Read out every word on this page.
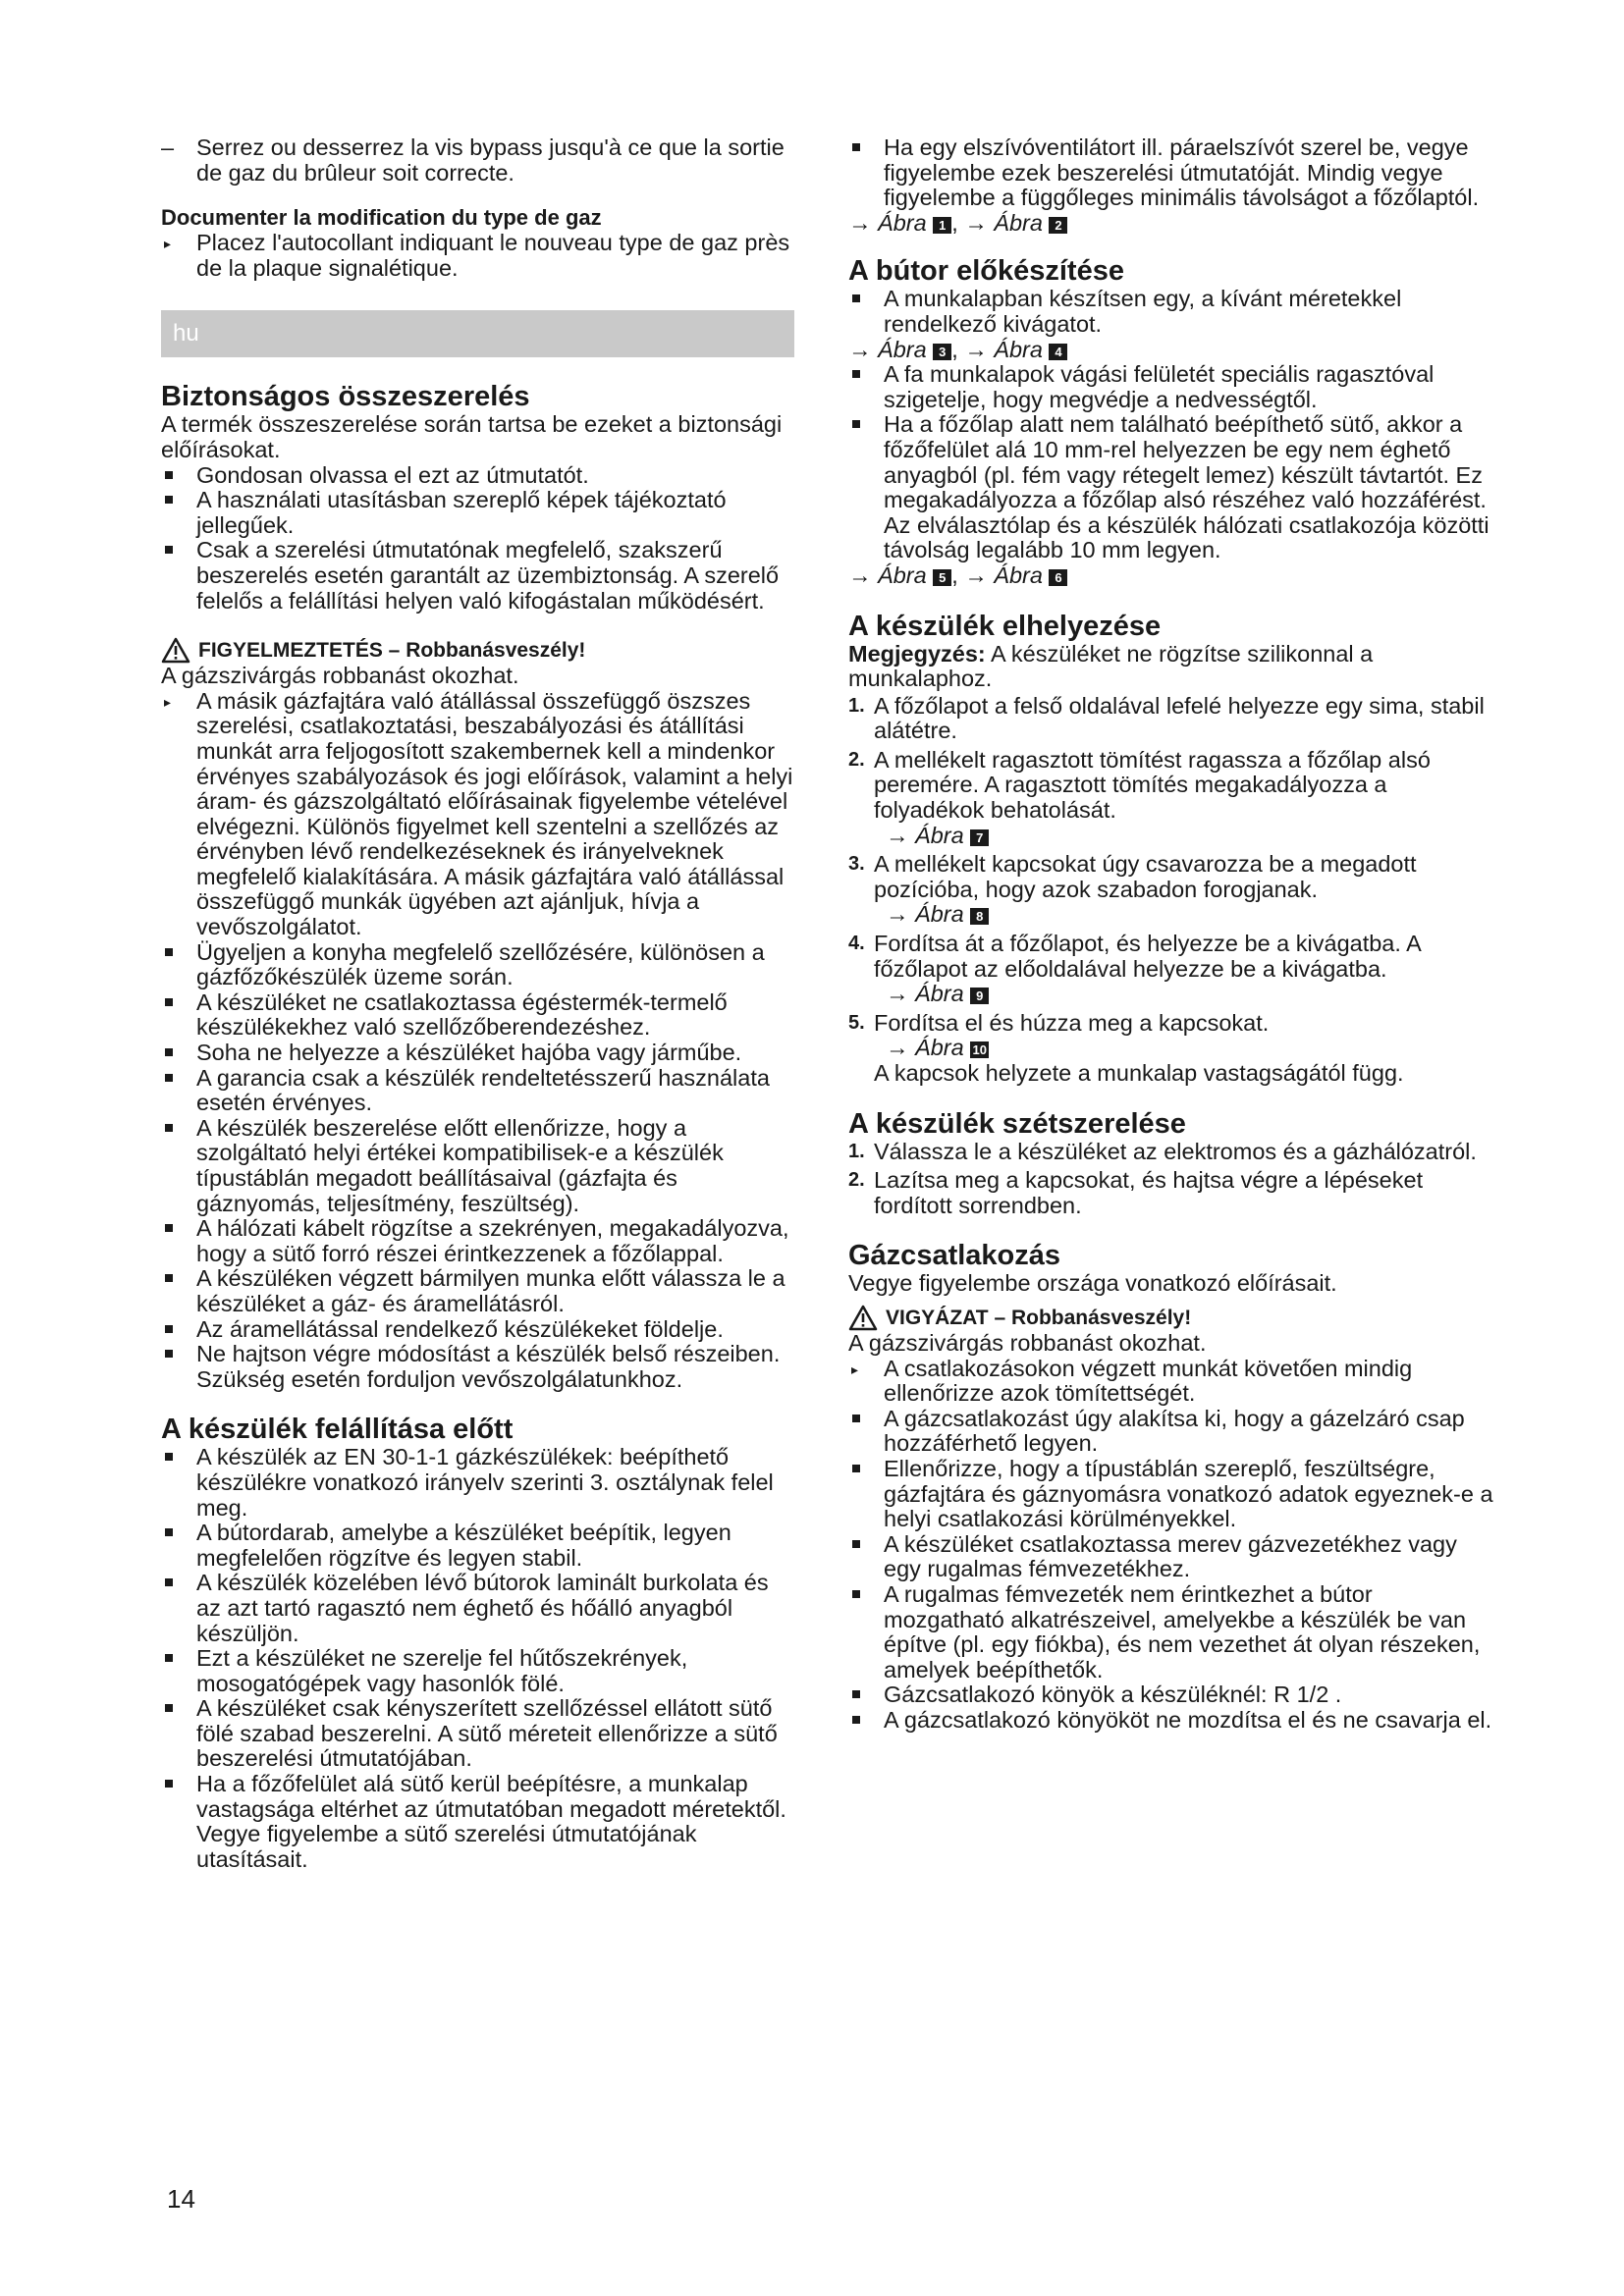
– Serrez ou desserrez la vis bypass jusqu'à ce que la sortie de gaz du brûleur soit correcte.

Documenter la modification du type de gaz

▸	Placez l'autocollant indiquant le nouveau type de gaz près de la plaque signalétique.

hu

Biztonságos összeszerelés

A termék összeszerelése során tartsa be ezeket a biztonsági előírásokat.

Gondosan olvassa el ezt az útmutatót.

A használati utasításban szereplő képek tájékoztató jellegűek.

Csak a szerelési útmutatónak megfelelő, szakszerű beszerelés esetén garantált az üzembiztonság. A szerelő felelős a felállítási helyen való kifogástalan működésért.

FIGYELMEZTETÉS – Robbanásveszély!

A gázszivárgás robbanást okozhat.

▸	A másik gázfajtára való átállással összefüggő öszszes szerelési, csatlakoztatási, beszabályozási és átállítási munkát arra feljogosított szakembernek kell a mindenkor érvényes szabályozások és jogi előírások, valamint a helyi áram- és gázszolgáltató előírásainak figyelembe vételével elvégezni. Különös figyelmet kell szentelni a szellőzés az érvényben lévő rendelkezéseknek és irányelveknek megfelelő kialakítására. A másik gázfajtára való átállással összefüggő munkák ügyében azt ajánljuk, hívja a vevőszolgálatot.

Ügyeljen a konyha megfelelő szellőzésére, különösen a gázfőzőkészülék üzeme során.

A készüléket ne csatlakoztassa égéstermék-termelő készülékekhez való szellőzőberendezéshez.

Soha ne helyezze a készüléket hajóba vagy járműbe.

A garancia csak a készülék rendeltetésszerű használata esetén érvényes.

A készülék beszerelése előtt ellenőrizze, hogy a szolgáltató helyi értékei kompatibilisek-e a készülék típustáblán megadott beállításaival (gázfajta és gáznyomás, teljesítmény, feszültség).

A hálózati kábelt rögzítse a szekrényen, megakadályozva, hogy a sütő forró részei érintkezzenek a főzőlappal.

A készüléken végzett bármilyen munka előtt válassza le a készüléket a gáz- és áramellátásról.

Az áramellátással rendelkező készülékeket földelje.

Ne hajtson végre módosítást a készülék belső részeiben. Szükség esetén forduljon vevőszolgálatunkhoz.

A készülék felállítása előtt

A készülék az EN 30-1-1 gázkészülékek: beépíthető készülékre vonatkozó irányelv szerinti 3. osztálynak felel meg.

A bútordarab, amelybe a készüléket beépítik, legyen megfelelően rögzítve és legyen stabil.

A készülék közelében lévő bútorok laminált burkolata és az azt tartó ragasztó nem éghető és hőálló anyagból készüljön.

Ezt a készüléket ne szerelje fel hűtőszekrények, mosogatógépek vagy hasonlók fölé.

A készüléket csak kényszerített szellőzéssel ellátott sütő fölé szabad beszerelni. A sütő méreteit ellenőrizze a sütő beszerelési útmutatójában.

Ha a főzőfelület alá sütő kerül beépítésre, a munkalap vastagsága eltérhet az útmutatóban megadott méretektől. Vegye figyelembe a sütő szerelési útmutatójának utasításait.

Ha egy elszívóventilátort ill. páraelszívót szerel be, vegye figyelembe ezek beszerelési útmutatóját. Mindig vegye figyelembe a függőleges minimális távolságot a főzőlaptól.

→ Ábra 1 , → Ábra 2

A bútor előkészítése

A munkalapban készítsen egy, a kívánt méretekkel rendelkező kivágatot.

→ Ábra 3 , → Ábra 4

A fa munkalapok vágási felületét speciális ragasztóval szigetelje, hogy megvédje a nedvességtől.

Ha a főzőlap alatt nem található beépíthető sütő, akkor a főzőfelület alá 10 mm-rel helyezzen be egy nem éghető anyagból (pl. fém vagy rétegelt lemez) készült távtartót. Ez megakadályozza a főzőlap alsó részéhez való hozzáférést. Az elválasztólap és a készülék hálózati csatlakozója közötti távolság legalább 10 mm legyen.

→ Ábra 5 , → Ábra 6

A készülék elhelyezése

Megjegyzés: A készüléket ne rögzítse szilikonnal a munkalaphoz.

1. A főzőlapot a felső oldalával lefelé helyezze egy sima, stabil alátétre.

2. A mellékelt ragasztott tömítést ragassza a főzőlap alsó peremére. A ragasztott tömítés megakadályozza a folyadékok behatolását.

→ Ábra 7

3. A mellékelt kapcsokat úgy csavarozza be a megadott pozícióba, hogy azok szabadon forogjanak.

→ Ábra 8

4. Fordítsa át a főzőlapot, és helyezze be a kivágatba. A főzőlapot az előoldalával helyezze be a kivágatba.

→ Ábra 9

5. Fordítsa el és húzza meg a kapcsokat.

→ Ábra 10

A kapcsok helyzete a munkalap vastagságától függ.

A készülék szétszerelése

1. Válassza le a készüléket az elektromos és a gázhálózatról.

2. Lazítsa meg a kapcsokat, és hajtsa végre a lépéseket fordított sorrendben.

Gázcsatlakozás

Vegye figyelembe országa vonatkozó előírásait.

VIGYÁZAT – Robbanásveszély!

A gázszivárgás robbanást okozhat.

▸	A csatlakozásokon végzett munkát követően mindig ellenőrizze azok tömítettségét.

A gázcsatlakozást úgy alakítsa ki, hogy a gázelzáró csap hozzáférhető legyen.

Ellenőrizze, hogy a típustáblán szereplő, feszültségre, gázfajtára és gáznyomásra vonatkozó adatok egyeznek-e a helyi csatlakozási körülményekkel.

A készüléket csatlakoztassa merev gázvezetékhez vagy egy rugalmas fémvezetékhez.

A rugalmas fémvezeték nem érintkezhet a bútor mozgatható alkatrészeivel, amelyekbe a készülék be van építve (pl. egy fiókba), és nem vezethet át olyan részeken, amelyek beépíthetők.

Gázcsatlakozó könyök a készüléknél: R 1/2 .

A gázcsatlakozó könyököt ne mozdítsa el és ne csavarja el.

14
